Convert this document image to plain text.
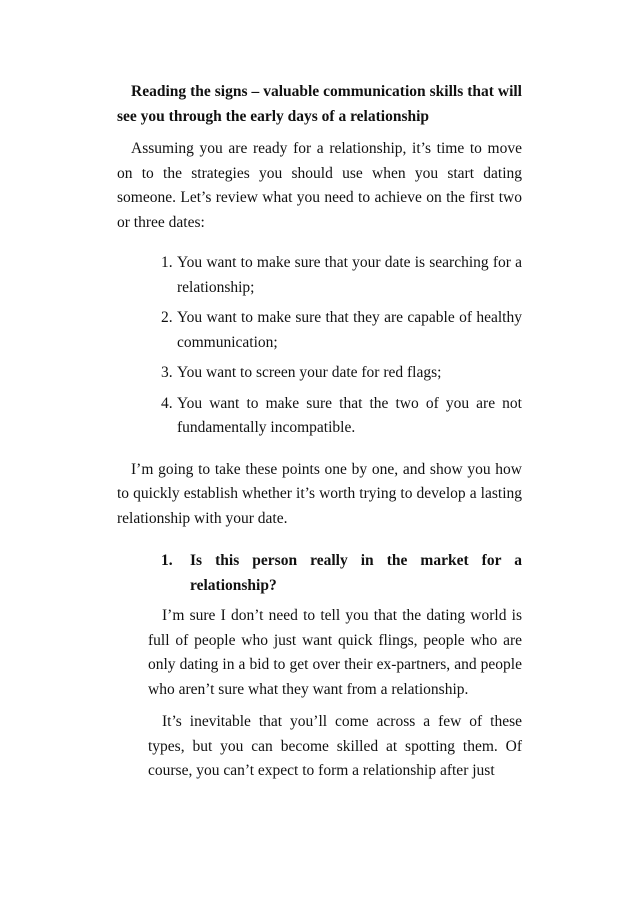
Reading the signs – valuable communication skills that will see you through the early days of a relationship

Assuming you are ready for a relationship, it’s time to move on to the strategies you should use when you start dating someone. Let’s review what you need to achieve on the first two or three dates:

1. You want to make sure that your date is searching for a relationship;
2. You want to make sure that they are capable of healthy communication;
3. You want to screen your date for red flags;
4. You want to make sure that the two of you are not fundamentally incompatible.

I’m going to take these points one by one, and show you how to quickly establish whether it’s worth trying to develop a lasting relationship with your date.

1. Is this person really in the market for a relationship?

I’m sure I don’t need to tell you that the dating world is full of people who just want quick flings, people who are only dating in a bid to get over their ex-partners, and people who aren’t sure what they want from a relationship.

It’s inevitable that you’ll come across a few of these types, but you can become skilled at spotting them. Of course, you can’t expect to form a relationship after just
